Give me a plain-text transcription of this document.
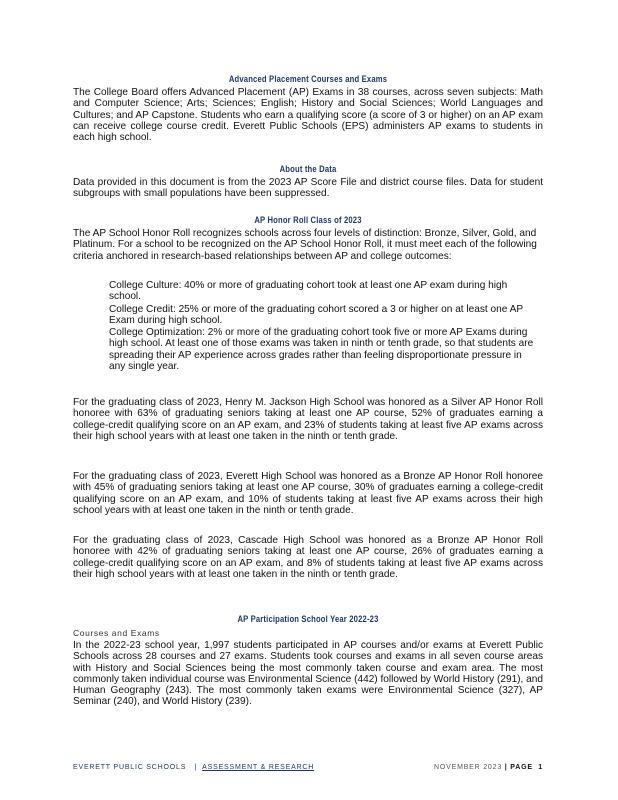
Advanced Placement Courses and Exams
The College Board offers Advanced Placement (AP) Exams in 38 courses, across seven subjects: Math and Computer Science; Arts; Sciences; English; History and Social Sciences; World Languages and Cultures; and AP Capstone. Students who earn a qualifying score (a score of 3 or higher) on an AP exam can receive college course credit. Everett Public Schools (EPS) administers AP exams to students in each high school.
About the Data
Data provided in this document is from the 2023 AP Score File and district course files. Data for student subgroups with small populations have been suppressed.
AP Honor Roll Class of 2023
The AP School Honor Roll recognizes schools across four levels of distinction: Bronze, Silver, Gold, and Platinum. For a school to be recognized on the AP School Honor Roll, it must meet each of the following criteria anchored in research-based relationships between AP and college outcomes:
College Culture: 40% or more of graduating cohort took at least one AP exam during high school.
College Credit: 25% or more of the graduating cohort scored a 3 or higher on at least one AP Exam during high school.
College Optimization: 2% or more of the graduating cohort took five or more AP Exams during high school. At least one of those exams was taken in ninth or tenth grade, so that students are spreading their AP experience across grades rather than feeling disproportionate pressure in any single year.
For the graduating class of 2023, Henry M. Jackson High School was honored as a Silver AP Honor Roll honoree with 63% of graduating seniors taking at least one AP course, 52% of graduates earning a college-credit qualifying score on an AP exam, and 23% of students taking at least five AP exams across their high school years with at least one taken in the ninth or tenth grade.
For the graduating class of 2023, Everett High School was honored as a Bronze AP Honor Roll honoree with 45% of graduating seniors taking at least one AP course, 30% of graduates earning a college-credit qualifying score on an AP exam, and 10% of students taking at least five AP exams across their high school years with at least one taken in the ninth or tenth grade.
For the graduating class of 2023, Cascade High School was honored as a Bronze AP Honor Roll honoree with 42% of graduating seniors taking at least one AP course, 26% of graduates earning a college-credit qualifying score on an AP exam, and 8% of students taking at least five AP exams across their high school years with at least one taken in the ninth or tenth grade.
AP Participation School Year 2022-23
Courses and Exams
In the 2022-23 school year, 1,997 students participated in AP courses and/or exams at Everett Public Schools across 28 courses and 27 exams. Students took courses and exams in all seven course areas with History and Social Sciences being the most commonly taken course and exam area. The most commonly taken individual course was Environmental Science (442) followed by World History (291), and Human Geography (243). The most commonly taken exams were Environmental Science (327), AP Seminar (240), and World History (239).
EVERETT PUBLIC SCHOOLS | ASSESSMENT & RESEARCH	NOVEMBER 2023 | PAGE 1
